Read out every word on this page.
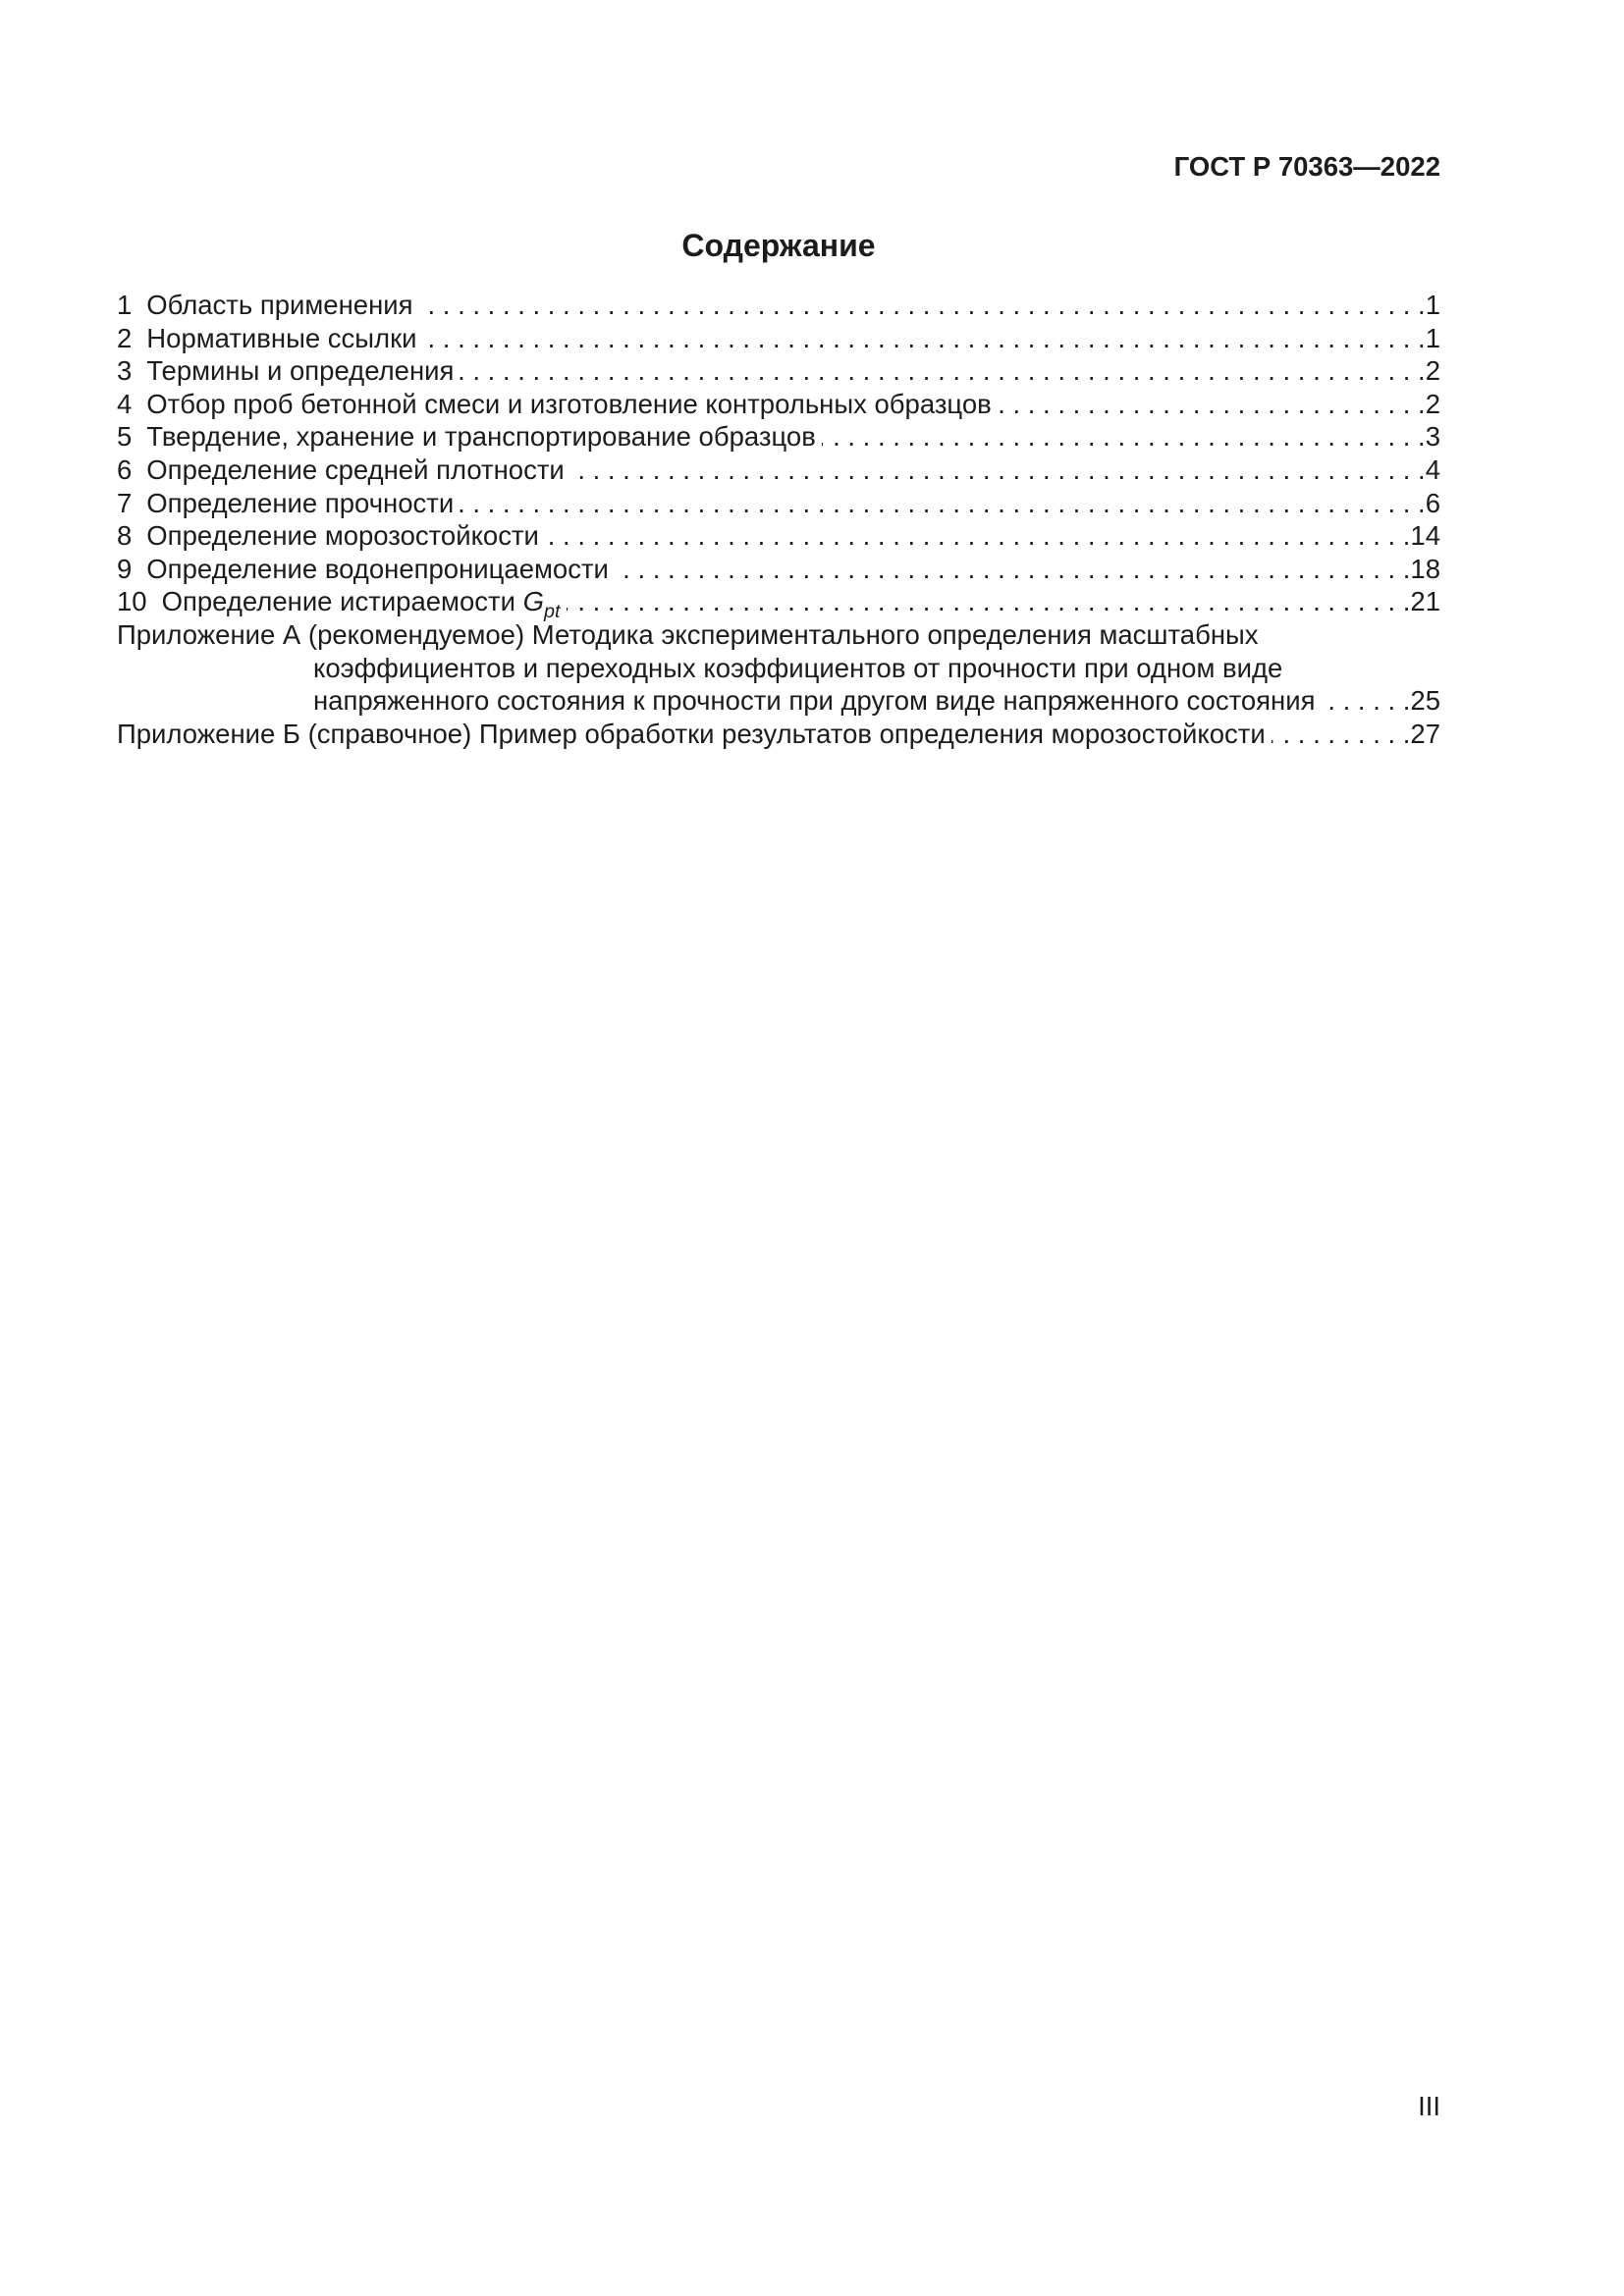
ГОСТ Р 70363—2022
Содержание
1 Область применения . . .	1
2 Нормативные ссылки . . .	1
3 Термины и определения . . .	2
4 Отбор проб бетонной смеси и изготовление контрольных образцов . . .	2
5 Твердение, хранение и транспортирование образцов . . .	3
6 Определение средней плотности . . .	4
7 Определение прочности . . .	6
8 Определение морозостойкости . . .	14
9 Определение водонепроницаемости . . .	18
10 Определение истираемости G pt . . .	21
Приложение А (рекомендуемое) Методика экспериментального определения масштабных
коэффициентов и переходных коэффициентов от прочности при одном виде
напряженного состояния к прочности при другом виде напряженного состояния . . .	25
Приложение Б (справочное) Пример обработки результатов определения морозостойкости . . .	27
III
